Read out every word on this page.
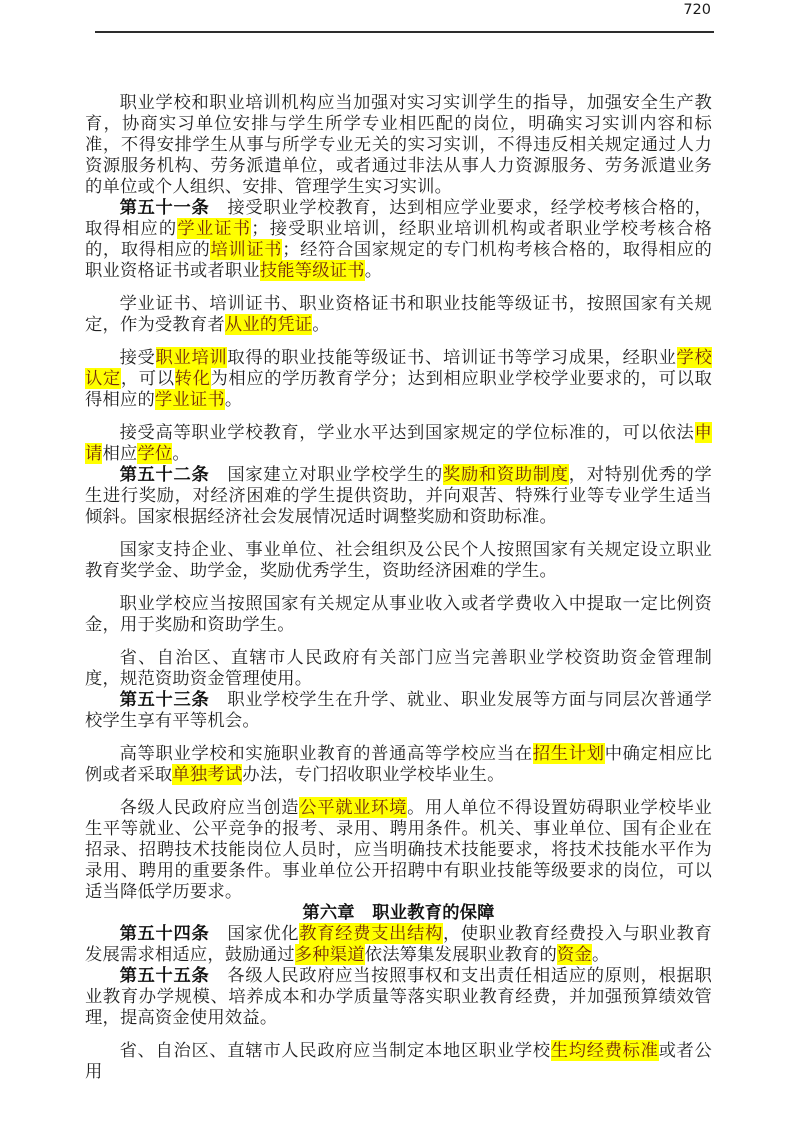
720

职业学校和职业培训机构应当加强对实习实训学生的指导，加强安全生产教育，协商实习单位安排与学生所学专业相匹配的岗位，明确实习实训内容和标准，不得安排学生从事与所学专业无关的实习实训，不得违反相关规定通过人力资源服务机构、劳务派遣单位，或者通过非法从事人力资源服务、劳务派遣业务的单位或个人组织、安排、管理学生实习实训。

第五十一条　接受职业学校教育，达到相应学业要求，经学校考核合格的，取得相应的学业证书；接受职业培训，经职业培训机构或者职业学校考核合格的，取得相应的培训证书；经符合国家规定的专门机构考核合格的，取得相应的职业资格证书或者职业技能等级证书。

学业证书、培训证书、职业资格证书和职业技能等级证书，按照国家有关规定，作为受教育者从业的凭证。

接受职业培训取得的职业技能等级证书、培训证书等学习成果，经职业学校认定，可以转化为相应的学历教育学分；达到相应职业学校学业要求的，可以取得相应的学业证书。

接受高等职业学校教育，学业水平达到国家规定的学位标准的，可以依法申请相应学位。

第五十二条　国家建立对职业学校学生的奖励和资助制度，对特别优秀的学生进行奖励，对经济困难的学生提供资助，并向艰苦、特殊行业等专业学生适当倾斜。国家根据经济社会发展情况适时调整奖励和资助标准。

国家支持企业、事业单位、社会组织及公民个人按照国家有关规定设立职业教育奖学金、助学金，奖励优秀学生，资助经济困难的学生。

职业学校应当按照国家有关规定从事业收入或者学费收入中提取一定比例资金，用于奖励和资助学生。

省、自治区、直辖市人民政府有关部门应当完善职业学校资助资金管理制度，规范资助资金管理使用。

第五十三条　职业学校学生在升学、就业、职业发展等方面与同层次普通学校学生享有平等机会。

高等职业学校和实施职业教育的普通高等学校应当在招生计划中确定相应比例或者采取单独考试办法，专门招收职业学校毕业生。

各级人民政府应当创造公平就业环境。用人单位不得设置妨碍职业学校毕业生平等就业、公平竞争的报考、录用、聘用条件。机关、事业单位、国有企业在招录、招聘技术技能岗位人员时，应当明确技术技能要求，将技术技能水平作为录用、聘用的重要条件。事业单位公开招聘中有职业技能等级要求的岗位，可以适当降低学历要求。

第六章　职业教育的保障

第五十四条　国家优化教育经费支出结构，使职业教育经费投入与职业教育发展需求相适应，鼓励通过多种渠道依法筹集发展职业教育的资金。

第五十五条　各级人民政府应当按照事权和支出责任相适应的原则，根据职业教育办学规模、培养成本和办学质量等落实职业教育经费，并加强预算绩效管理，提高资金使用效益。

省、自治区、直辖市人民政府应当制定本地区职业学校生均经费标准或者公用
